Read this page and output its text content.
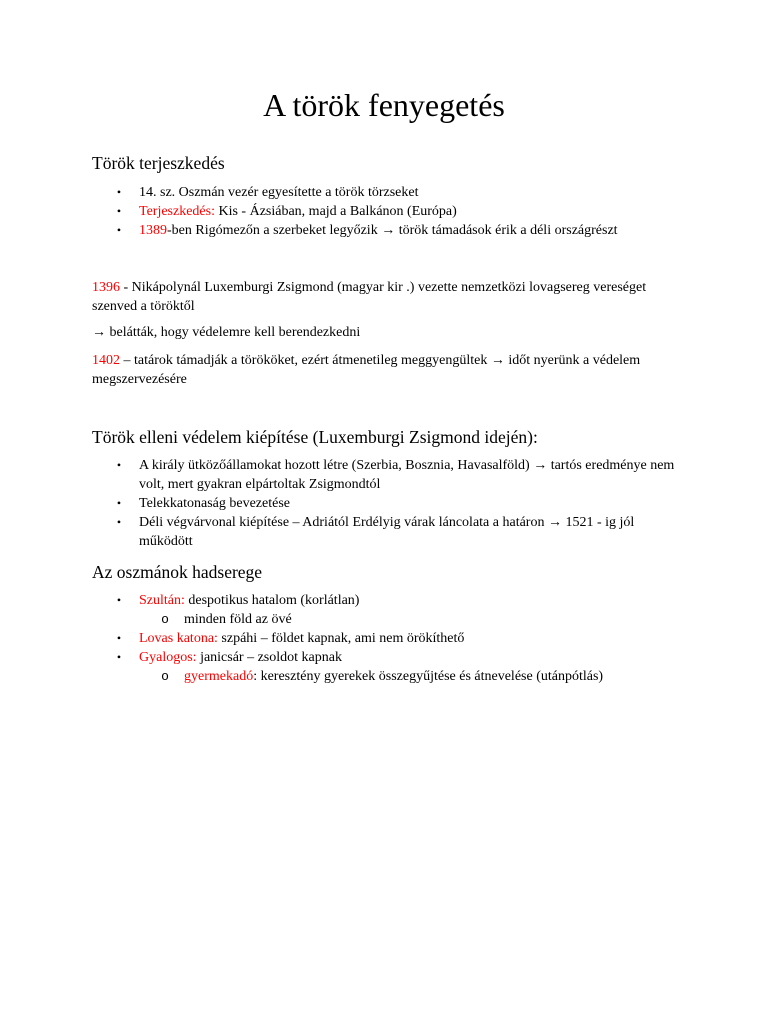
A török fenyegetés
Török terjeszkedés
• 14. sz. Oszmán vezér egyesítette a török törzseket
• Terjeszkedés: Kis - Ázsiában, majd a Balkánon (Európa)
• 1389-ben Rigómezőn a szerbeket legyőzik → török támadások érik a déli országrészt

1396 - Nikápolynál Luxemburgi Zsigmond (magyar kir .) vezette nemzetközi lovagsereg vereséget szenved a töröktől

→ belátták, hogy védelemre kell berendezkedni

1402 – tatárok támadják a törököket, ezért átmenetileg meggyengültek → időt nyerünk a védelem megszervezésére

Török elleni védelem kiépítése (Luxemburgi Zsigmond idején):
• A király ütközőállamokat hozott létre (Szerbia, Bosznia, Havasalföld) → tartós eredménye nem volt, mert gyakran elpártoltak Zsigmondtól
• Telekkatonaság bevezetése
• Déli végvárvonal kiépítése – Adriától Erdélyig várak láncolata a határon → 1521 - ig jól működött
Az oszmánok hadserege
• Szultán: despotikus hatalom (korlátlan)
o minden föld az övé
• Lovas katona: szpáhi – földet kapnak, ami nem örökíthető
• Gyalogos: janicsár – zsoldot kapnak
o gyermekadó: keresztény gyerekek összegyűjtése és átnevelése (utánpótlás)
